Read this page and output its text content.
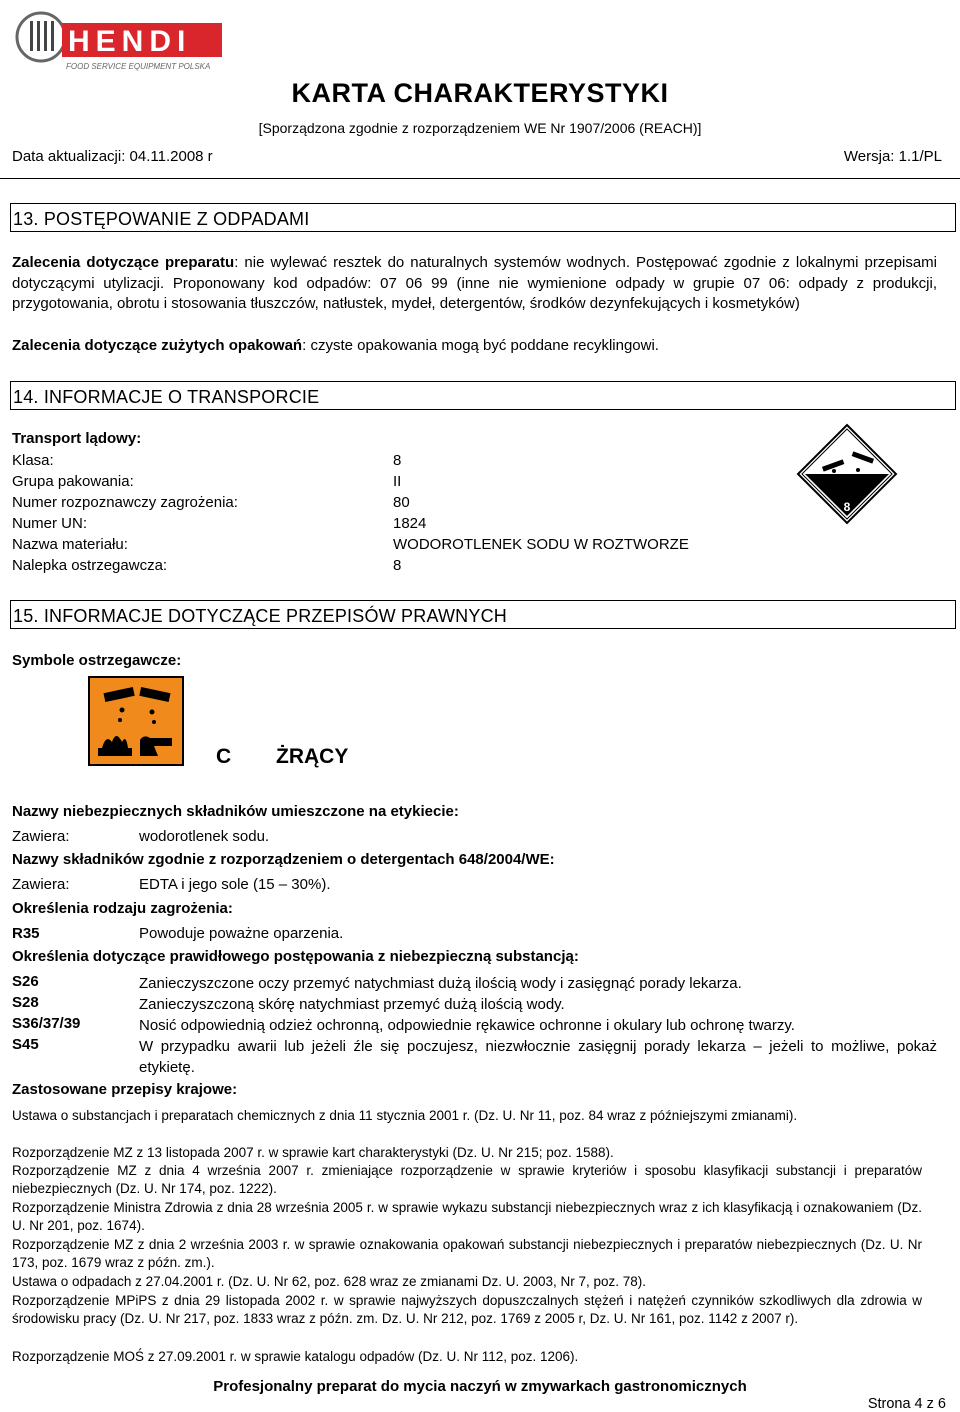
HENDI
FOOD SERVICE EQUIPMENT POLSKA
KARTA CHARAKTERYSTYKI
[Sporządzona zgodnie z rozporządzeniem WE Nr 1907/2006 (REACH)]
Data aktualizacji: 04.11.2008 r	Wersja: 1.1/PL
13. POSTĘPOWANIE Z ODPADAMI
Zalecenia dotyczące preparatu: nie wylewać resztek do naturalnych systemów wodnych. Postępować zgodnie z lokalnymi przepisami dotyczącymi utylizacji. Proponowany kod odpadów: 07 06 99 (inne nie wymienione odpady w grupie 07 06: odpady z produkcji, przygotowania, obrotu i stosowania tłuszczów, natłustek, mydeł, detergentów, środków dezynfekujących i kosmetyków)
Zalecenia dotyczące zużytych opakowań: czyste opakowania mogą być poddane recyklingowi.
14. INFORMACJE O TRANSPORCIE
Transport lądowy:
Klasa:	8
Grupa pakowania:	II
Numer rozpoznawczy zagrożenia:	80
Numer UN:	1824
Nazwa materiału:	WODOROTLENEK SODU W ROZTWORZE
Nalepka ostrzegawcza:	8
8
15. INFORMACJE DOTYCZĄCE PRZEPISÓW PRAWNYCH
Symbole ostrzegawcze:
C ŻRĄCY
Nazwy niebezpiecznych składników umieszczone na etykiecie:
Zawiera:	wodorotlenek sodu.
Nazwy składników zgodnie z rozporządzeniem o detergentach 648/2004/WE:
Zawiera:	EDTA i jego sole (15 – 30%).
Określenia rodzaju zagrożenia:
R35	Powoduje poważne oparzenia.
Określenia dotyczące prawidłowego postępowania z niebezpieczną substancją:
S26	Zanieczyszczone oczy przemyć natychmiast dużą ilością wody i zasięgnąć porady lekarza.
S28	Zanieczyszczoną skórę natychmiast przemyć dużą ilością wody.
S36/37/39	Nosić odpowiednią odzież ochronną, odpowiednie rękawice ochronne i okulary lub ochronę twarzy.
S45	W przypadku awarii lub jeżeli źle się poczujesz, niezwłocznie zasięgnij porady lekarza – jeżeli to możliwe, pokaż etykietę.
Zastosowane przepisy krajowe:
Ustawa o substancjach i preparatach chemicznych z dnia 11 stycznia 2001 r. (Dz. U. Nr 11, poz. 84 wraz z późniejszymi zmianami).
Rozporządzenie MZ z 13 listopada 2007 r. w sprawie kart charakterystyki (Dz. U. Nr 215; poz. 1588).
Rozporządzenie MZ z dnia 4 września 2007 r. zmieniające rozporządzenie w sprawie kryteriów i sposobu klasyfikacji substancji i preparatów niebezpiecznych (Dz. U. Nr 174, poz. 1222).
Rozporządzenie Ministra Zdrowia z dnia 28 września 2005 r. w sprawie wykazu substancji niebezpiecznych wraz z ich klasyfikacją i oznakowaniem (Dz. U. Nr 201, poz. 1674).
Rozporządzenie MZ z dnia 2 września 2003 r. w sprawie oznakowania opakowań substancji niebezpiecznych i preparatów niebezpiecznych (Dz. U. Nr 173, poz. 1679 wraz z późn. zm.).
Ustawa o odpadach z 27.04.2001 r. (Dz. U. Nr 62, poz. 628 wraz ze zmianami Dz. U. 2003, Nr 7, poz. 78).
Rozporządzenie MPiPS z dnia 29 listopada 2002 r. w sprawie najwyższych dopuszczalnych stężeń i natężeń czynników szkodliwych dla zdrowia w środowisku pracy (Dz. U. Nr 217, poz. 1833 wraz z późn. zm. Dz. U. Nr 212, poz. 1769 z 2005 r, Dz. U. Nr 161, poz. 1142 z 2007 r).
Rozporządzenie MOŚ z 27.09.2001 r. w sprawie katalogu odpadów (Dz. U. Nr 112, poz. 1206).
Profesjonalny preparat do mycia naczyń w zmywarkach gastronomicznych
Strona 4 z 6
